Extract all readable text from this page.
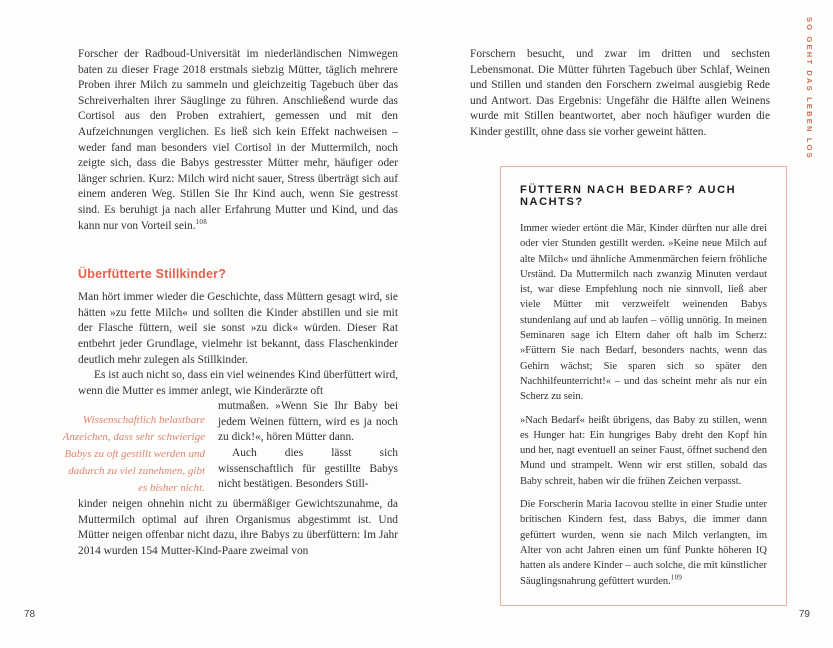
Forscher der Radboud-Universität im niederländischen Nimwegen baten zu dieser Frage 2018 erstmals siebzig Mütter, täglich mehrere Proben ihrer Milch zu sammeln und gleichzeitig Tagebuch über das Schreiverhalten ihrer Säuglinge zu führen. Anschließend wurde das Cortisol aus den Proben extrahiert, gemessen und mit den Aufzeichnungen verglichen. Es ließ sich kein Effekt nachweisen – weder fand man besonders viel Cortisol in der Muttermilch, noch zeigte sich, dass die Babys gestresster Mütter mehr, häufiger oder länger schrien. Kurz: Milch wird nicht sauer, Stress überträgt sich auf einem anderen Weg. Stillen Sie Ihr Kind auch, wenn Sie gestresst sind. Es beruhigt ja nach aller Erfahrung Mutter und Kind, und das kann nur von Vorteil sein.$^{108}$

Überfütterte Stillkinder?

Man hört immer wieder die Geschichte, dass Müttern gesagt wird, sie hätten »zu fette Milch« und sollten die Kinder abstillen und sie mit der Flasche füttern, weil sie sonst »zu dick« würden. Dieser Rat entbehrt jeder Grundlage, vielmehr ist bekannt, dass Flaschenkinder deutlich mehr zulegen als Stillkinder.

Es ist auch nicht so, dass ein viel weinendes Kind überfüttert wird, wenn die Mutter es immer anlegt, wie Kinderärzte oft

Wissenschaftlich belastbare Anzeichen, dass sehr schwierige Babys zu oft gestillt werden und dadurch zu viel zunehmen, gibt es bisher nicht.

mutmaßen. »Wenn Sie Ihr Baby bei jedem Weinen füttern, wird es ja noch zu dick!«, hören Mütter dann.

Auch dies lässt sich wissenschaftlich für gestillte Babys nicht bestätigen. Besonders Still-

kinder neigen ohnehin nicht zu übermäßiger Gewichtszunahme, da Muttermilch optimal auf ihren Organismus abgestimmt ist. Und Mütter neigen offenbar nicht dazu, ihre Babys zu überfüttern: Im Jahr 2014 wurden 154 Mutter-Kind-Paare zweimal von

78

Forschern besucht, und zwar im dritten und sechsten Lebensmonat. Die Mütter führten Tagebuch über Schlaf, Weinen und Stillen und standen den Forschern zweimal ausgiebig Rede und Antwort. Das Ergebnis: Ungefähr die Hälfte allen Weinens wurde mit Stillen beantwortet, aber noch häufiger wurden die Kinder gestillt, ohne dass sie vorher geweint hätten.

FÜTTERN NACH BEDARF? AUCH NACHTS?

Immer wieder ertönt die Mär, Kinder dürften nur alle drei oder vier Stunden gestillt werden. »Keine neue Milch auf alte Milch« und ähnliche Ammenmärchen feiern fröhliche Urständ. Da Muttermilch nach zwanzig Minuten verdaut ist, war diese Empfehlung noch nie sinnvoll, ließ aber viele Mütter mit verzweifelt weinenden Babys stundenlang auf und ab laufen – völlig unnötig. In meinen Seminaren sage ich Eltern daher oft halb im Scherz: »Füttern Sie nach Bedarf, besonders nachts, wenn das Gehirn wächst; Sie sparen sich so später den Nachhilfeunterricht!« – und das scheint mehr als nur ein Scherz zu sein.

»Nach Bedarf« heißt übrigens, das Baby zu stillen, wenn es Hunger hat: Ein hungriges Baby dreht den Kopf hin und her, nagt eventuell an seiner Faust, öffnet suchend den Mund und strampelt. Wenn wir erst stillen, sobald das Baby schreit, haben wir die frühen Zeichen verpasst.

Die Forscherin Maria Iacovou stellte in einer Studie unter britischen Kindern fest, dass Babys, die immer dann gefüttert wurden, wenn sie nach Milch verlangten, im Alter von acht Jahren einen um fünf Punkte höheren IQ hatten als andere Kinder – auch solche, die mit künstlicher Säuglingsnahrung gefüttert wurden.$^{109}$

79
SO GEHT DAS LEBEN LOS
